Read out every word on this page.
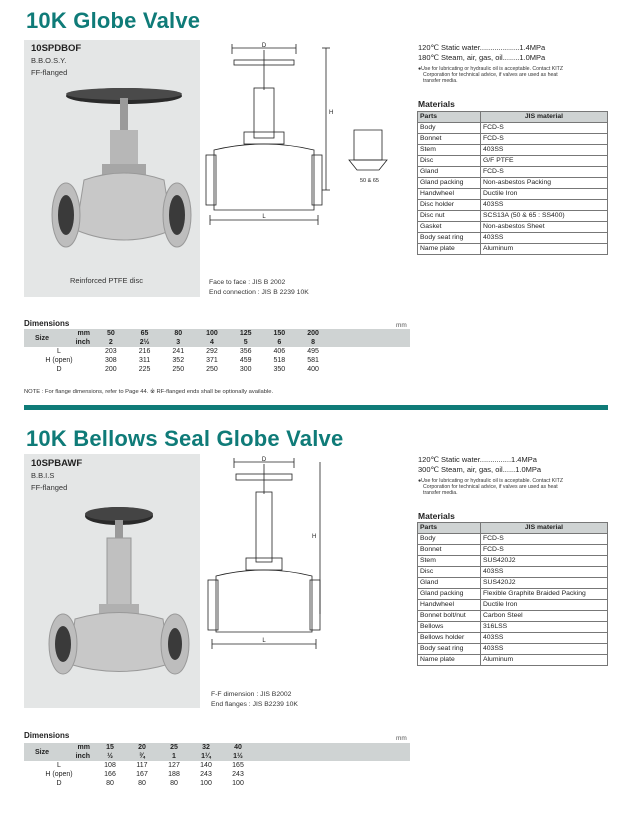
10K Globe Valve
10SPDBOF
B.B.O.S.Y.
FF-flanged
Reinforced PTFE disc
D
H
L
50 & 65
Face to face : JIS B 2002
End connection : JIS B 2239 10K
120℃ Static water...................1.4MPa
180℃ Steam, air, gas, oil........1.0MPa
●Use for lubricating or hydraulic oil is acceptable. Contact KITZ
Corporation for technical advice, if valves are used as heat
transfer media.
Materials
Parts	JIS material
Body	FCD-S
Bonnet	FCD-S
Stem	403SS
Disc	G/F PTFE
Gland	FCD-S
Gland packing	Non-asbestos Packing
Handwheel	Ductile Iron
Disc holder	403SS
Disc nut	SCS13A (50 & 65 : SS400)
Gasket	Non-asbestos Sheet
Body seat ring	403SS
Name plate	Aluminum
Dimensions	mm
Size	mm	50	65	80	100	125	150	200	
	inch	2	2½	3	4	5	6	8	
L		203	216	241	292	356	406	495	
H (open)		308	311	352	371	459	518	581	
D		200	225	250	250	300	350	400	
NOTE : For flange dimensions, refer to Page 44. ※ RF-flanged ends shall be optionally available.
10K Bellows Seal Globe Valve
10SPBAWF
B.B.I.S
FF-flanged
D
H
L
F-F dimension : JIS B2002
End flanges : JIS B2239 10K
120℃ Static water...............1.4MPa
300℃ Steam, air, gas, oil......1.0MPa
●Use for lubricating or hydraulic oil is acceptable. Contact KITZ
Corporation for technical advice, if valves are used as heat
transfer media.
Materials
Parts	JIS material
Body	FCD-S
Bonnet	FCD-S
Stem	SUS420J2
Disc	403SS
Gland	SUS420J2
Gland packing	Flexible Graphite Braided Packing
Handwheel	Ductile Iron
Bonnet bolt/nut	Carbon Steel
Bellows	316LSS
Bellows holder	403SS
Body seat ring	403SS
Name plate	Aluminum
Dimensions	mm
Size	mm	15	20	25	32	40	
	inch	½	¾	1	1¼	1½	
L		108	117	127	140	165	
H (open)		166	167	188	243	243	
D		80	80	80	100	100	
